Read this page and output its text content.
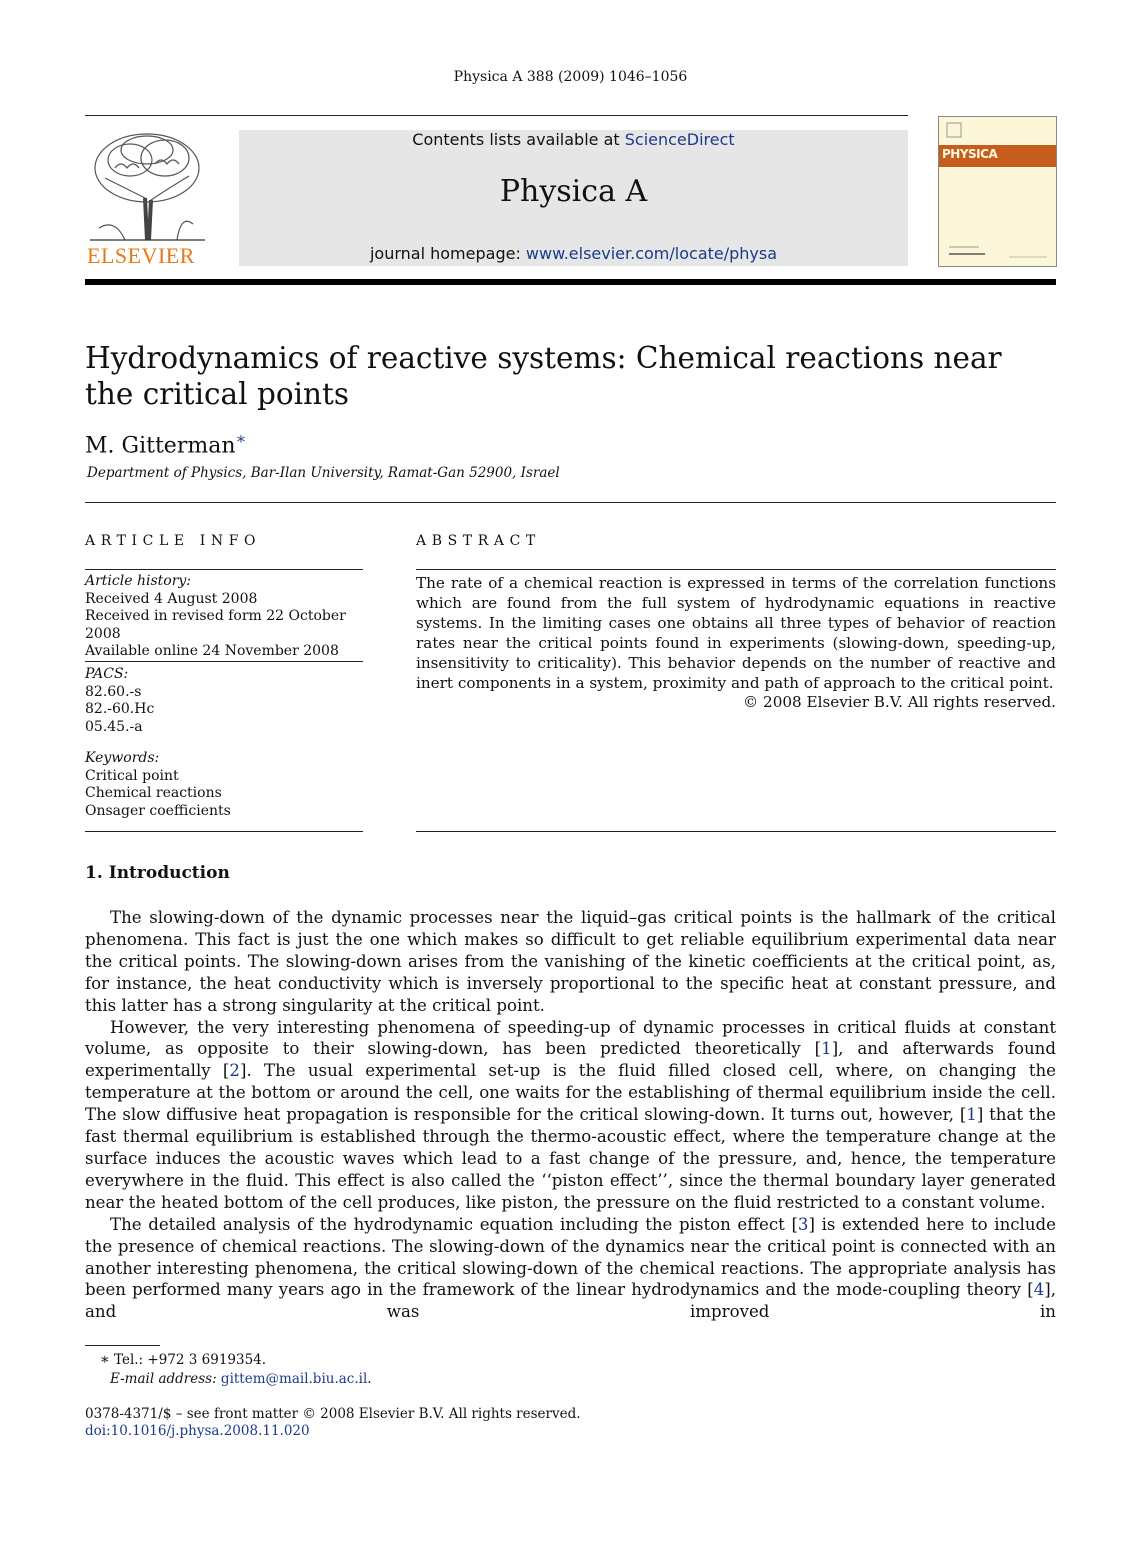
Physica A 388 (2009) 1046–1056
ELSEVIER
Contents lists available at ScienceDirect
Physica A
journal homepage: www.elsevier.com/locate/physa
PHYSICA
Hydrodynamics of reactive systems: Chemical reactions near the critical points
M. Gitterman∗
Department of Physics, Bar-Ilan University, Ramat-Gan 52900, Israel
ARTICLE INFO	ABSTRACT
Article history:
Received 4 August 2008
Received in revised form 22 October 2008
Available online 24 November 2008
PACS:
82.60.-s
82.-60.Hc
05.45.-a
Keywords:
Critical point
Chemical reactions
Onsager coefficients
The rate of a chemical reaction is expressed in terms of the correlation functions which are found from the full system of hydrodynamic equations in reactive systems. In the limiting cases one obtains all three types of behavior of reaction rates near the critical points found in experiments (slowing-down, speeding-up, insensitivity to criticality). This behavior depends on the number of reactive and inert components in a system, proximity and path of approach to the critical point.
© 2008 Elsevier B.V. All rights reserved.
1. Introduction

The slowing-down of the dynamic processes near the liquid–gas critical points is the hallmark of the critical phenomena. This fact is just the one which makes so difficult to get reliable equilibrium experimental data near the critical points. The slowing-down arises from the vanishing of the kinetic coefficients at the critical point, as, for instance, the heat conductivity which is inversely proportional to the specific heat at constant pressure, and this latter has a strong singularity at the critical point.

However, the very interesting phenomena of speeding-up of dynamic processes in critical fluids at constant volume, as opposite to their slowing-down, has been predicted theoretically [1], and afterwards found experimentally [2]. The usual experimental set-up is the fluid filled closed cell, where, on changing the temperature at the bottom or around the cell, one waits for the establishing of thermal equilibrium inside the cell. The slow diffusive heat propagation is responsible for the critical slowing-down. It turns out, however, [1] that the fast thermal equilibrium is established through the thermo-acoustic effect, where the temperature change at the surface induces the acoustic waves which lead to a fast change of the pressure, and, hence, the temperature everywhere in the fluid. This effect is also called the ‘‘piston effect’’, since the thermal boundary layer generated near the heated bottom of the cell produces, like piston, the pressure on the fluid restricted to a constant volume.

The detailed analysis of the hydrodynamic equation including the piston effect [3] is extended here to include the presence of chemical reactions. The slowing-down of the dynamics near the critical point is connected with an another interesting phenomena, the critical slowing-down of the chemical reactions. The appropriate analysis has been performed many years ago in the framework of the linear hydrodynamics and the mode-coupling theory [4], and was improved in

∗ Tel.: +972 3 6919354.
E-mail address: gittem@mail.biu.ac.il.
0378-4371/$ – see front matter © 2008 Elsevier B.V. All rights reserved.
doi:10.1016/j.physa.2008.11.020
